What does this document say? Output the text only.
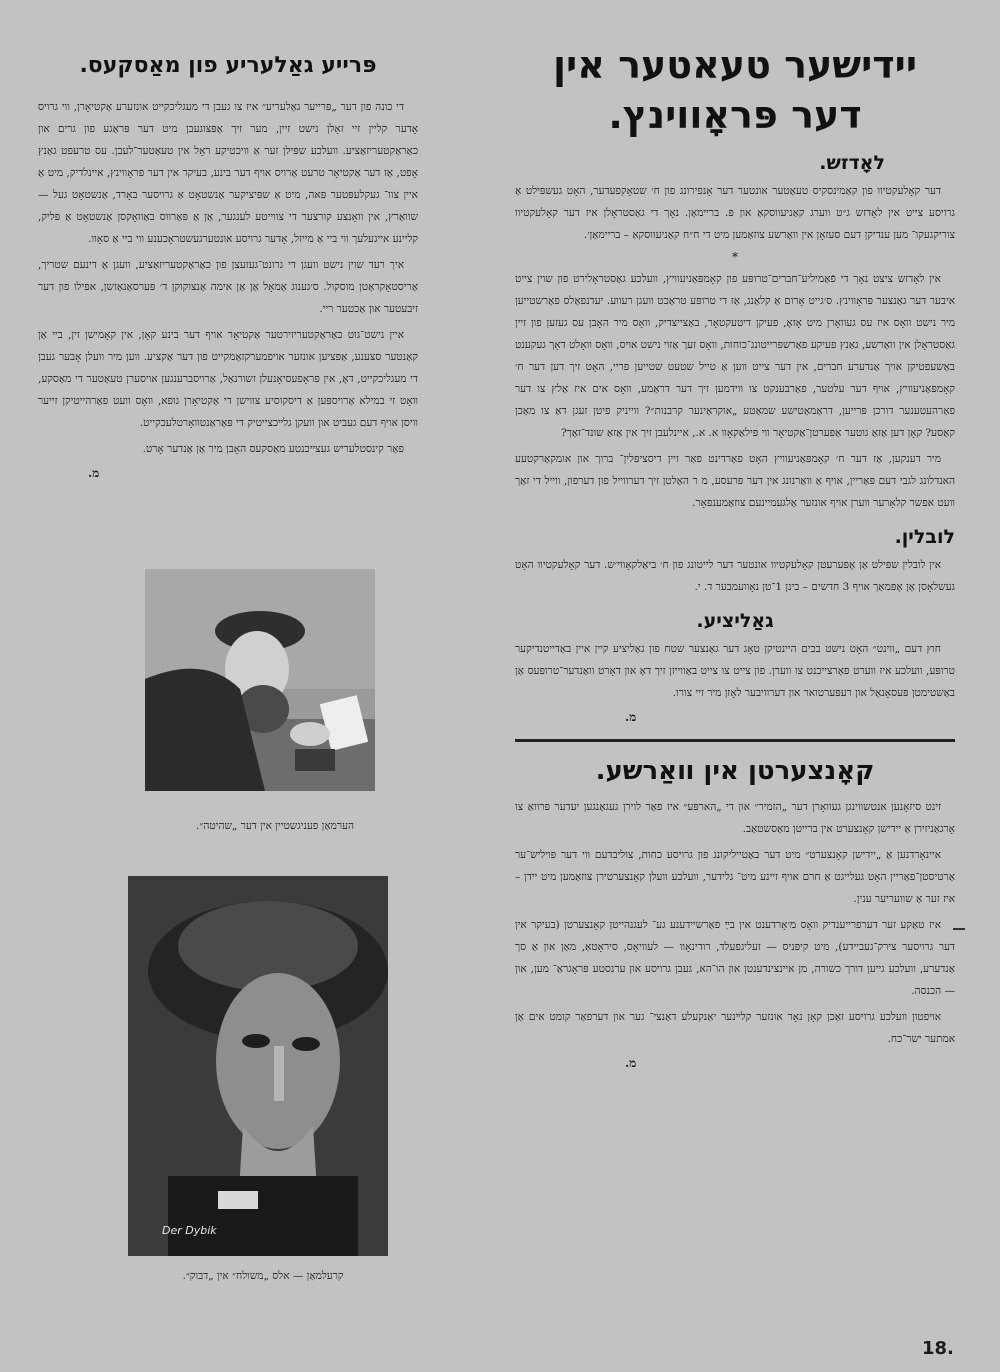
יידישער טעאטער אין דער פּראָווינץ.
לאָדזש.

דער קאָלעקטיוו פון קאַמינסקיס טעאַטער אונטער דער אָנפירונג פון ח׳ שטאָקפעדער, האָט געשפּילט אַ גרויסע צייט אין לאָדזש ג״ט ווערג קאַניעווסקאַ און פּ. בריימאַן. נאָך די גאַסטראָלן איז דער קאָלעקטיוו צוריקגעקו־ מען ענדיקן דעם סעזאָן אין װאַרשע צוזאַמען מיט די ח״ח קאַניעווסקאַ – בריימאַן׳.

*

אין לאָדזש ציצט נאָך די פֿאַמיליע־חברים־טרופּע פון קאָמפּאַניעוויץ, וועלכע גאַסטראָלירט פון שוין צייט איבער דער גאַנצער פּראָווינץ. ס׳גייט אָרום אַ קלאַנג, אַז די טרופּע טראַכט וועגן רעווע. יעדנפאַלס פאַרשטייען מיר נישט וואָס איז עס געוואָרן מיט אָזאָ, פעיקן דיטעקטאָר, באַצייצדיק, וואָס מיר האָבן עס געזען פון זיין גאַסטראָלן אין וואַרשע, גאַנץ פעיקע פאַרשפּרייטונג־כוחות, וואָס זעך אַזוי נישט אויס, וואָס וואָלט דאָך געקענט באַשעפטיקן אויך אַנדערע חברים, אין דער צייט ווען אַ טייל שטעט שטייען פּריי, האָט זיך דען דער ח׳ קאָמפּאַניעוויץ, אויף דער עלטער, פאַרבענקט צו ווידמען זיך דער דראַמע, וואָס אים איז אַלץ צו דער פאַרהעטענער דורכן פּרייען, דראַמאַטישע שמאַטע „אוקראַינער קרבנות״? ווייניק פיטן זעגן דאַ צו מאַכן קאַסע? קאָן דען אַזאַ גוטער אַפּערטן־אַקטיאָר ווי פּילאַקאָוו א. א., איינלעבן זיך אין אַזאַ שונד־זאַך?

מיר דענקען, אַז דער ח׳ קאָמפּאַניעוויץ האָט פאַרדינט פאַר זיין דיסציפּלין־ ברוך און אומקאַרקטעע האנדלונג לגבי דעם פּאַריין, אויף אַ וואַרנונג אין דער פּרעסע, מ ר האַלטן זיך דערווייל פון דערפון, ווייל די זאַך וועט אפשר קלאָרער ווערן אויף אונזער אַלגעמיינעם צוזאַמענפאָר.

לובלין.

אין לובלין שפּילט אַן אָפּערעטן קאָלעקטיוו אונטער דער לייטונג פון ח׳ ביאַלקאָווי׳ש. דער קאָלעקטיוו האָט געשלאָסן אַן אָפּמאַך אויף 3 חדשים – בינן 1־טן נאָוועמבער ד. י.

גאַליציע.

חוץ דעם „ווינט״ האָט נישט בכים היינטיקן טאָג דער גאַנצער שטח פון גאַליציע קיין איין באַדייטנדיקער טרופּע, וועלכע איז ווערט פאַרצייכנט צו ווערן. פון צייט צו צייט באַווייזן זיך דאָ און דאָרט וואַנדער־טרופּעס אַן באַשטימטן פּעסאָנאַל און רעפּערטואר און דערוויבער לאָזן מיר זיי צורו.

מ.
קאָנצערטן אין װאַרשע.

זינט סיזאָנען אנטשווינגן געוואָרן דער „הזמיר״ און די „הארפּע״ איז פאַר לוירן געגאַנגען יעדער פּרוואַ צו אָרגאַניזירן אַ יידישן קאָנצערט אין ברייטן מאַסשטאַב.

איינאָרדנען אַ „יידישן קאָנצערט״ מיט דער באַטייליקונג פון גרויסע כחות, צוליבדעם ווי דער פּויליש־ער אַרטיסטן־פאַריין האָט געלייגט אַ חרם אויף זיינע מיט־ גלידער, וועלכע וועלן קאָנצערטירן צוזאַמען מיט יידן – איז זער אַ שוועריער ענין.

איז טאַקע זער דערפרייענדיק וואָס מ׳אָרדענט אין בײַ פאַרשיידענע גע־ לעגנהייטן קאָנצערטן (בעיקר אין דער גרויסער צירק־געביידע), מיט קיפּניס — זעליגפעלד, רודינאָוו — לעוויאָס, סיראָטאַ, מאַן און אַ סך אַנדערע, וועלכע גייען דורך כשורה, מן איינצינדענטן און הו־הא, געבן גרויסע און ערנסטע פּראָגראַ־ מען, און — הכנסה.

אויפטון וועלכע גרויסע זאַכן קאָן נאָר אונזער קלײנער יאַנקעלע דאַנצי־ גער און דערפאַר קומט אים אַן אמתער ישר־כח.

מ.
פּרייע גאַלעריע פון מאַסקעס.

די כונה פון דער „פּרייער גאַלעריע״ איז צו געבן די מעגליכקייט אונזערע אַקטיאָרן, ווי גרויס אָדער קליין זיי זאָלן נישט זיין, מער זיך אָפּצוגעבן מיט דער פּראַגע פון גרים און כאַראַקטעריזאַציע. וועלכע שפּילן זער אַ וויכטיקע ראָל אין טעאַטער־לעבן. עס טרעפט גאַנץ אָפט, אַז דער אַקטיאָר טרעט אַרויס אויף דער בינע, בעיקר אין דער פּראָווינץ, איינלדיק, מיט אַ איין צוו־ געקלעפּטער פּאה, מיט אַ שפּיציקער אַנשטאָט אַ גרויסער באָרד, אַנשטאָט געל — שוואַרץ, אין וואָנצע קורצער די צווייטע לענגער, אַן אַ פּאַרווס באַוואָקסן אַנשטאָט אַ פּליק, קליינע אייגעלעך ווי ביי אַ מייזל, אָדער גרויסע אונטערגעשטראָכענע ווי ביי אַ סאָוו.

איך רעד שוין נישט וועגן די גרונט־געזעצן פון כאַראַקטעריזאַציע, וועגן אַ דינעם שטריך, אַריסטאָקראַטן מוסקול. ס׳גענוג אַמאָל אַן אַן אימה אַנצוקוקן ד׳ פּערסאַנאַזשן, אפילו פון דער זיבעטער און אַכטער ריי.

איין נישט־גוט כאַראַקטעריזירטער אַקטיאָר אויף דער בינע קאָן, אין קאָמישן זין, ביי אַן קאַנטער סצענע, אַפּציען אונזער אויפמערקזאַמקייט פון דער אַקציע. ווען מיר וועלן אָבער געבן די מעגליכקייט, דאָ, אין פּראָפעסיאָנעלן זשורנאַל, אַרויסברענגען אויסערן טעאַטער די מאַסקע, וואָט זי במילא אַרויספּען אַ דיסקוסיע צווישן די אַקטיאָרן גופא, וואָס וועט פאַרהייטיקן זייער וויסן אויף דעם געביט און וועקן גלײכצייטיק די פּאַראַנטוואָרטלעכקייט.

פאַר קינסטלעריש געצייכנטע מאַסקעס האָבן מיר אַן אַנדער אָרט.

מ.
הערמאַן פעניגשטיין אין דער „שהיטה״.
Der Dybik
קרעלמאַן — אלס „משולח״ אין „דבוק״.
18.
